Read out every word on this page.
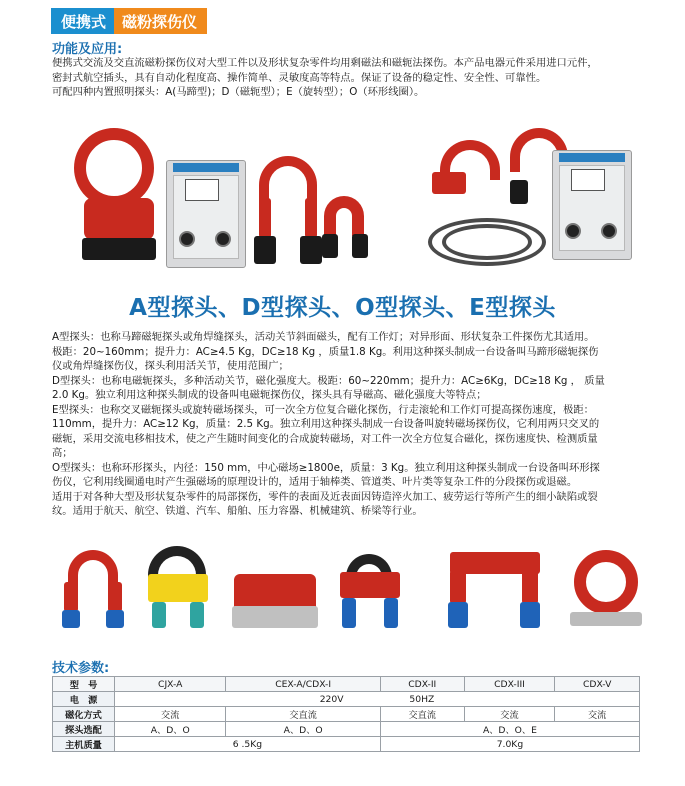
便携式	磁粉探伤仪
功能及应用:

便携式交流及交直流磁粉探伤仪对大型工件以及形状复杂零件均用剩磁法和磁轭法探伤。本产品电器元件采用进口元件，

密封式航空插头，具有自动化程度高、操作简单、灵敏度高等特点。保证了设备的稳定性、安全性、可靠性。

可配四种内置照明探头：A(马蹄型)；D（磁轭型）；E（旋转型）；O（环形线圈）。

A型探头、D型探头、O型探头、E型探头

A型探头：也称马蹄磁轭探头或角焊缝探头，活动关节斜面磁头，配有工作灯；对异形面、形状复杂工件探伤尤其适用。

极距：20~160mm；提升力：AC≥4.5 Kg，DC≥18 Kg ，质量1.8 Kg。利用这种探头制成一台设备叫马蹄形磁轭探伤

仪或角焊缝探伤仪，探头利用活关节，使用范围广；

D型探头：也称电磁轭探头，多种活动关节，磁化强度大。极距：60~220mm；提升力：AC≥6Kg，DC≥18 Kg ， 质量

2.0 Kg。独立利用这种探头制成的设备叫电磁轭探伤仪，探头具有导磁高、磁化强度大等特点；

E型探头：也称交叉磁轭探头或旋转磁场探头，可一次全方位复合磁化探伤，行走滚轮和工作灯可提高探伤速度，极距：

110mm，提升力：AC≥12 Kg，质量：2.5 Kg。独立利用这种探头制成一台设备叫旋转磁场探伤仪，它利用两只交叉的

磁轭，采用交流电移相技术，使之产生随时间变化的合成旋转磁场，对工件一次全方位复合磁化，探伤速度快、检测质量

高；

O型探头：也称环形探头，内径：150 mm，中心磁场≥1800e，质量：3 Kg。独立利用这种探头制成一台设备叫环形探

伤仪，它利用线圈通电时产生强磁场的原理设计的，适用于轴棒类、管道类、叶片类等复杂工件的分段探伤或退磁。

适用于对各种大型及形状复杂零件的局部探伤，零件的表面及近表面因铸造淬火加工、疲劳运行等所产生的细小缺陷或裂

纹。适用于航天、航空、铁道、汽车、船舶、压力容器、机械建筑、桥梁等行业。

技术参数:
型　号	CJX-A	CEX-A/CDX-I	CDX-II	CDX-III	CDX-V
电　源	220V 50HZ				
磁化方式	交流	交直流	交直流	交流	交流
探头选配	A、D、O	A、D、O	A、D、O、E		
主机质量	6 .5Kg		7.0Kg		
